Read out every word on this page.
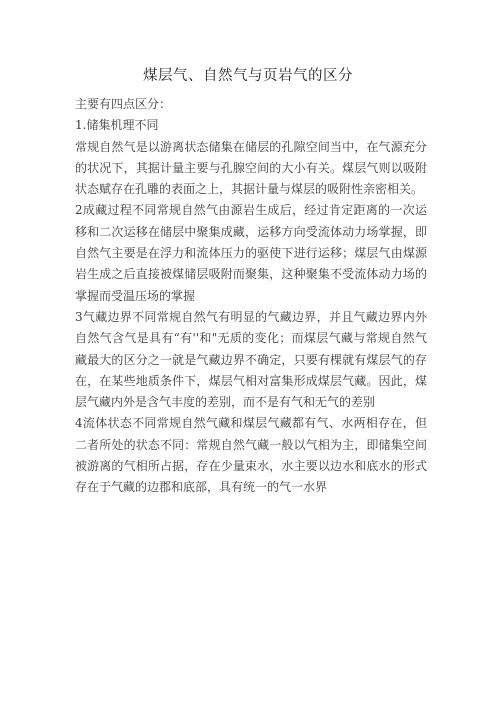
煤层气、自然气与页岩气的区分

主要有四点区分：

1.储集机理不同

常规自然气是以游离状态储集在储层的孔隙空间当中，在气源充分的状况下，其据计量主要与孔腺空间的大小有关。煤层气则以吸附状态赋存在孔雕的表面之上，其据计量与煤层的吸附性亲密相关。

2成藏过程不同常规自然气由源岩生成后，经过肯定距离的一次运移和二次运移在储层中聚集成藏，运移方向受流体动力场掌握，即自然气主要是在浮力和流体压力的驱使下进行运移；煤层气由煤源岩生成之后直接被煤储层吸附而聚集，这种聚集不受流体动力场的掌握而受温压场的掌握

3气藏边界不同常规自然气有明显的气藏边界，并且气藏边界内外自然气含气是具有“有''和"无质的变化；而煤层气藏与常规自然气藏最大的区分之一就是气藏边界不确定，只要有棵就有煤层气的存在，在某些地质条件下，煤层气相对富集形成煤层气藏。因此，煤层气藏内外是含气丰度的差别，而不是有气和无气的差别

4流体状态不同常规自然气藏和煤层气藏都有气、水两相存在，但二者所处的状态不同：常规自然气藏一般以气相为主，即储集空间被游离的气相所占据，存在少量束水，水主要以边水和底水的形式存在于气藏的边郡和底部，具有统一的气一水界
